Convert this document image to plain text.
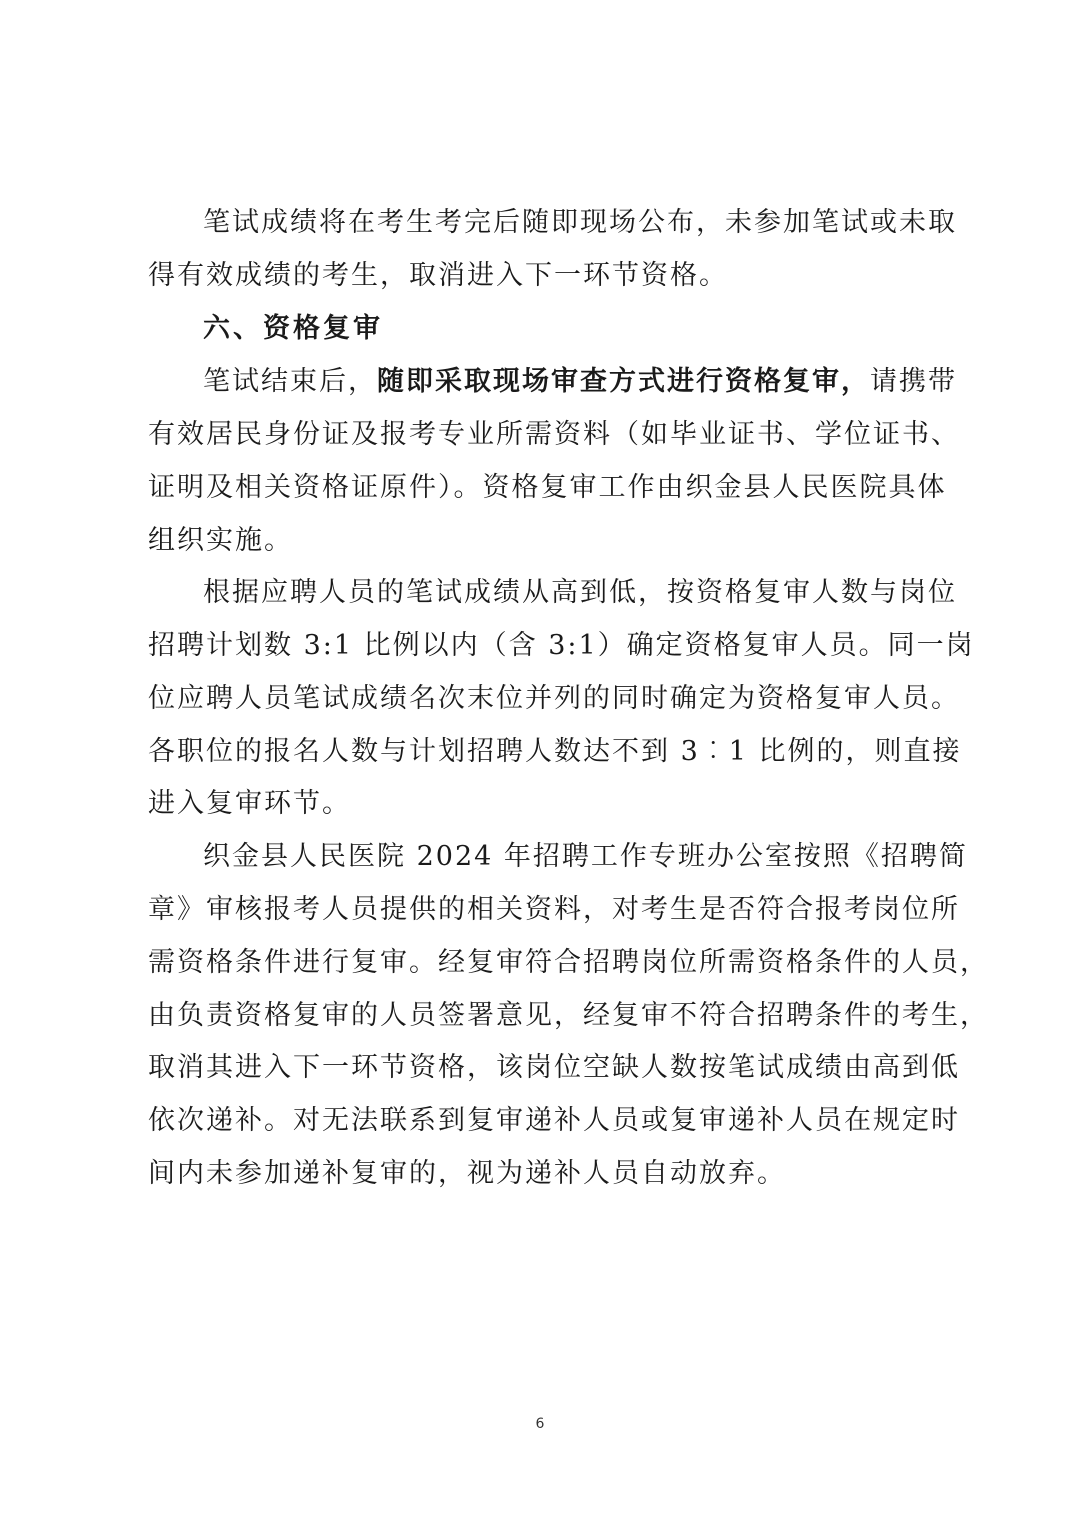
笔试成绩将在考生考完后随即现场公布，未参加笔试或未取
得有效成绩的考生，取消进入下一环节资格。
六、资格复审
笔试结束后，随即采取现场审查方式进行资格复审，请携带
有效居民身份证及报考专业所需资料（如毕业证书、学位证书、
证明及相关资格证原件）。资格复审工作由织金县人民医院具体
组织实施。
根据应聘人员的笔试成绩从高到低，按资格复审人数与岗位
招聘计划数 3:1 比例以内（含 3:1）确定资格复审人员。同一岗
位应聘人员笔试成绩名次末位并列的同时确定为资格复审人员。
各职位的报名人数与计划招聘人数达不到 3︰1 比例的，则直接
进入复审环节。
织金县人民医院 2024 年招聘工作专班办公室按照《招聘简
章》审核报考人员提供的相关资料，对考生是否符合报考岗位所
需资格条件进行复审。经复审符合招聘岗位所需资格条件的人员，
由负责资格复审的人员签署意见，经复审不符合招聘条件的考生，
取消其进入下一环节资格，该岗位空缺人数按笔试成绩由高到低
依次递补。对无法联系到复审递补人员或复审递补人员在规定时
间内未参加递补复审的，视为递补人员自动放弃。
6
